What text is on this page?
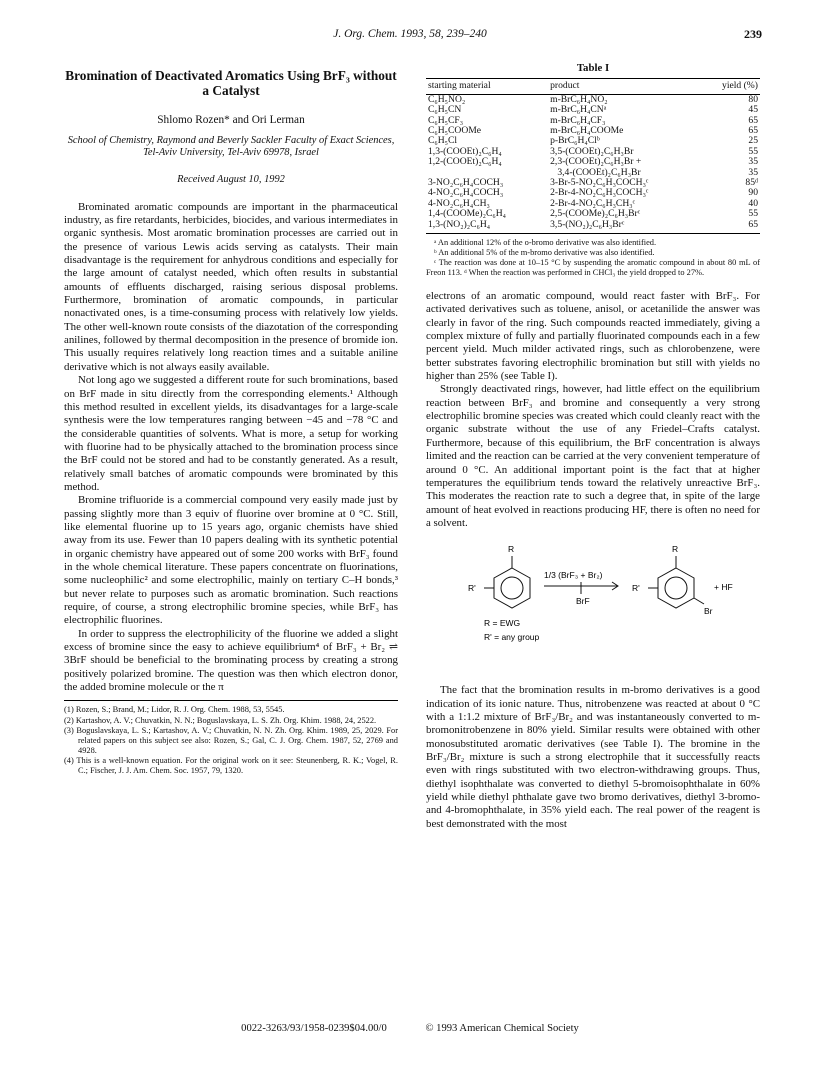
J. Org. Chem. 1993, 58, 239–240	239
Bromination of Deactivated Aromatics Using BrF₃ without a Catalyst
Shlomo Rozen* and Ori Lerman
School of Chemistry, Raymond and Beverly Sackler Faculty of Exact Sciences, Tel-Aviv University, Tel-Aviv 69978, Israel
Received August 10, 1992

Brominated aromatic compounds are important in the pharmaceutical industry, as fire retardants, herbicides, biocides, and various intermediates in organic synthesis. Most aromatic bromination processes are carried out in the presence of various Lewis acids serving as catalysts. Their main disadvantage is the requirement for anhydrous conditions and especially for the large amount of catalyst needed, which often results in substantial amounts of effluents discharged, raising serious disposal problems. Furthermore, bromination of aromatic compounds, in particular nonactivated ones, is a time-consuming process with relatively low yields. The other well-known route consists of the diazotation of the corresponding anilines, followed by thermal decomposition in the presence of bromide ion. This usually requires relatively long reaction times and a suitable aniline derivative which is not always easily available.

Not long ago we suggested a different route for such brominations, based on BrF made in situ directly from the corresponding elements.¹ Although this method resulted in excellent yields, its disadvantages for a large-scale synthesis were the low temperatures ranging between −45 and −78 °C and the considerable quantities of solvents. What is more, a setup for working with fluorine had to be physically attached to the bromination process since the BrF could not be stored and had to be constantly generated. As a result, relatively small batches of aromatic compounds were brominated by this method.

Bromine trifluoride is a commercial compound very easily made just by passing slightly more than 3 equiv of fluorine over bromine at 0 °C. Still, like elemental fluorine up to 15 years ago, organic chemists have shied away from its use. Fewer than 10 papers dealing with its synthetic potential in organic chemistry have appeared out of some 200 works with BrF₃ found in the whole chemical literature. These papers concentrate on fluorinations, some nucleophilic² and some electrophilic, mainly on tertiary C–H bonds,³ but never relate to purposes such as aromatic bromination. Such reactions require, of course, a strong electrophilic bromine species, while BrF₃ has electrophilic fluorines.

In order to suppress the electrophilicity of the fluorine we added a slight excess of bromine since the easy to achieve equilibrium⁴ of BrF₃ + Br₂ ⇌ 3BrF should be beneficial to the brominating process by creating a strong positively polarized bromine. The question was then which electron donor, the added bromine molecule or the π

(1) Rozen, S.; Brand, M.; Lidor, R. J. Org. Chem. 1988, 53, 5545.
(2) Kartashov, A. V.; Chuvatkin, N. N.; Boguslavskaya, L. S. Zh. Org. Khim. 1988, 24, 2522.
(3) Boguslavskaya, L. S.; Kartashov, A. V.; Chuvatkin, N. N. Zh. Org. Khim. 1989, 25, 2029. For related papers on this subject see also: Rozen, S.; Gal, C. J. Org. Chem. 1987, 52, 2769 and 4928.
(4) This is a well-known equation. For the original work on it see: Steunenberg, R. K.; Vogel, R. C.; Fischer, J. J. Am. Chem. Soc. 1957, 79, 1320.
Table I
starting material	product	yield (%)
C₆H₅NO₂	m-BrC₆H₄NO₂	80
C₆H₅CN	m-BrC₆H₄CNᵃ	45
C₆H₅CF₃	m-BrC₆H₄CF₃	65
C₆H₅COOMe	m-BrC₆H₄COOMe	65
C₆H₅Cl	p-BrC₆H₄Clᵇ	25
1,3-(COOEt)₂C₆H₄	3,5-(COOEt)₂C₆H₃Br	55
1,2-(COOEt)₂C₆H₄	2,3-(COOEt)₂C₆H₃Br +	35
	3,4-(COOEt)₂C₆H₃Br	35
3-NO₂C₆H₄COCH₃	3-Br-5-NO₂C₆H₃COCH₃ᶜ	85ᵈ
4-NO₂C₆H₄COCH₃	2-Br-4-NO₂C₆H₃COCH₃ᶜ	90
4-NO₂C₆H₄CH₃	2-Br-4-NO₂C₆H₃CH₃ᶜ	40
1,4-(COOMe)₂C₆H₄	2,5-(COOMe)₂C₆H₃Brᶜ	55
1,3-(NO₂)₂C₆H₄	3,5-(NO₂)₂C₆H₃Brᶜ	65
ᵃ An additional 12% of the o-bromo derivative was also identified.
ᵇ An additional 5% of the m-bromo derivative was also identified.
ᶜ The reaction was done at 10–15 °C by suspending the aromatic compound in about 80 mL of Freon 113. ᵈ When the reaction was performed in CHCl₃ the yield dropped to 27%.

electrons of an aromatic compound, would react faster with BrF₃. For activated derivatives such as toluene, anisol, or acetanilide the answer was clearly in favor of the ring. Such compounds reacted immediately, giving a complex mixture of fully and partially fluorinated compounds each in a few percent yield. Much milder activated rings, such as chlorobenzene, were better substrates favoring electrophilic bromination but still with yields no higher than 25% (see Table I).

Strongly deactivated rings, however, had little effect on the equilibrium reaction between BrF₃ and bromine and consequently a very strong electrophilic bromine species was created which could cleanly react with the organic substrate without the use of any Friedel–Crafts catalyst. Furthermore, because of this equilibrium, the BrF concentration is always limited and the reaction can be carried at the very convenient temperature of around 0 °C. An additional important point is the fact that at higher temperatures the equilibrium tends toward the relatively unreactive BrF₃. This moderates the reaction rate to such a degree that, in spite of the large amount of heat evolved in reactions producing HF, there is often no need for a solvent.

R
R'
1/3 (BrF₃ + Br₂)
BrF
R
R'
Br
+ HF
R = EWG
R' = any group

The fact that the bromination results in m-bromo derivatives is a good indication of its ionic nature. Thus, nitrobenzene was reacted at about 0 °C with a 1:1.2 mixture of BrF₃/Br₂ and was instantaneously converted to m-bromonitrobenzene in 80% yield. Similar results were obtained with other monosubstituted aromatic derivatives (see Table I). The bromine in the BrF₃/Br₂ mixture is such a strong electrophile that it successfully reacts even with rings substituted with two electron-withdrawing groups. Thus, diethyl isophthalate was converted to diethyl 5-bromoisophthalate in 60% yield while diethyl phthalate gave two bromo derivatives, diethyl 3-bromo- and 4-bromophthalate, in 35% yield each. The real power of the reagent is best demonstrated with the most

0022-3263/93/1958-0239$04.00/0	© 1993 American Chemical Society
